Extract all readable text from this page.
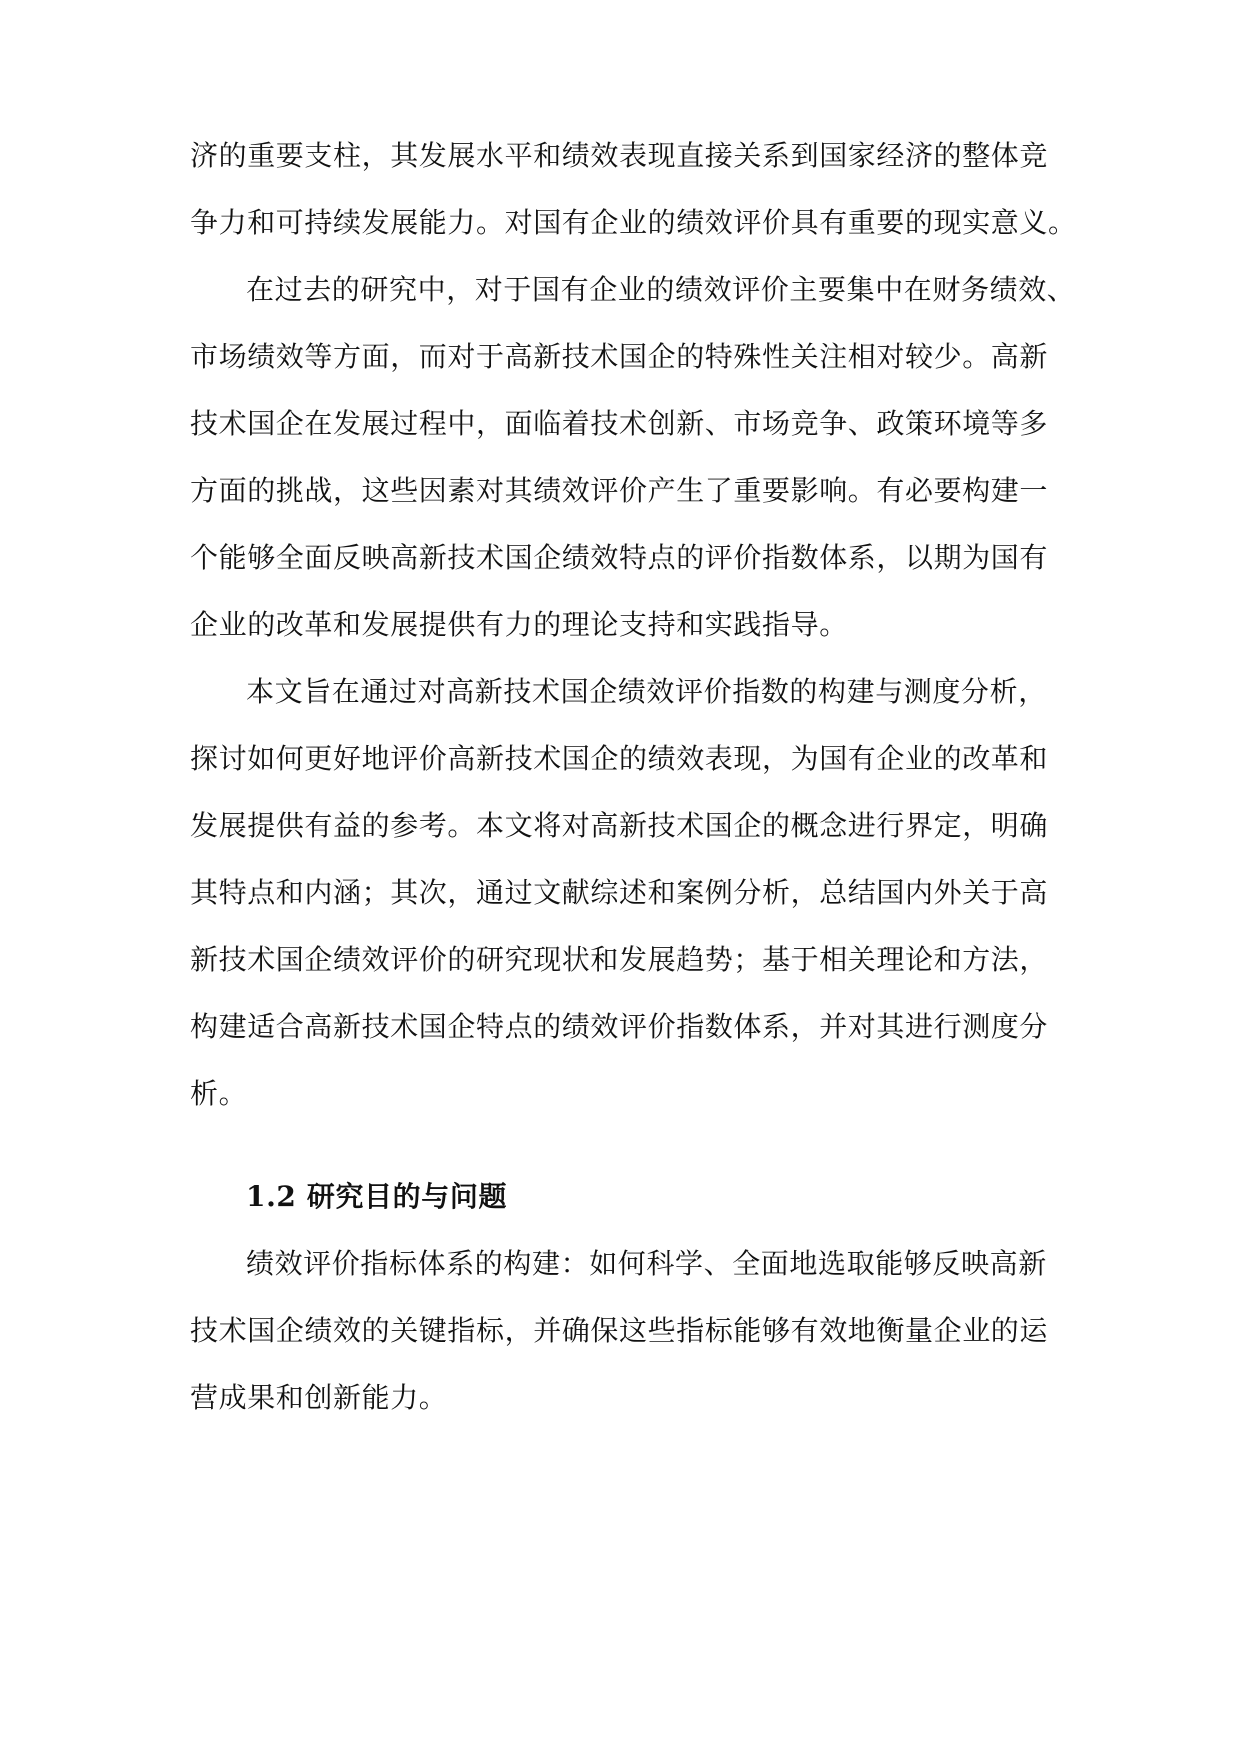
济的重要支柱，其发展水平和绩效表现直接关系到国家经济的整体竞
争力和可持续发展能力。对国有企业的绩效评价具有重要的现实意义。
在过去的研究中，对于国有企业的绩效评价主要集中在财务绩效、
市场绩效等方面，而对于高新技术国企的特殊性关注相对较少。高新
技术国企在发展过程中，面临着技术创新、市场竞争、政策环境等多
方面的挑战，这些因素对其绩效评价产生了重要影响。有必要构建一
个能够全面反映高新技术国企绩效特点的评价指数体系，以期为国有
企业的改革和发展提供有力的理论支持和实践指导。
本文旨在通过对高新技术国企绩效评价指数的构建与测度分析，
探讨如何更好地评价高新技术国企的绩效表现，为国有企业的改革和
发展提供有益的参考。本文将对高新技术国企的概念进行界定，明确
其特点和内涵；其次，通过文献综述和案例分析，总结国内外关于高
新技术国企绩效评价的研究现状和发展趋势；基于相关理论和方法，
构建适合高新技术国企特点的绩效评价指数体系，并对其进行测度分
析。
1.2 研究目的与问题
绩效评价指标体系的构建：如何科学、全面地选取能够反映高新
技术国企绩效的关键指标，并确保这些指标能够有效地衡量企业的运
营成果和创新能力。
